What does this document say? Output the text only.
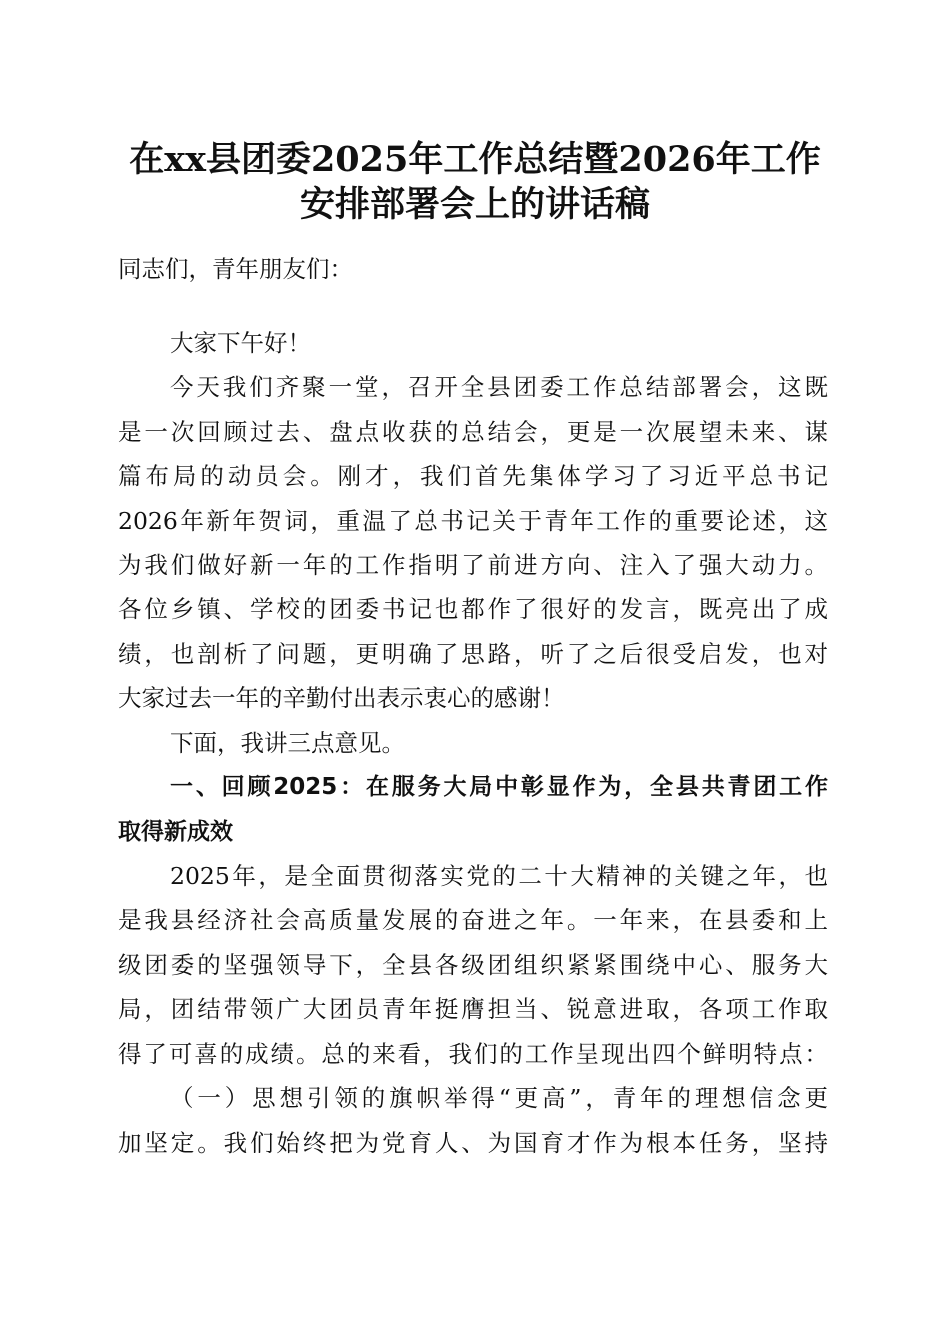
在xx县团委2025年工作总结暨2026年工作
安排部署会上的讲话稿
同志们，青年朋友们：
大家下午好！
今天我们齐聚一堂，召开全县团委工作总结部署会，这既
是一次回顾过去、盘点收获的总结会，更是一次展望未来、谋
篇布局的动员会。刚才，我们首先集体学习了习近平总书记
2026年新年贺词，重温了总书记关于青年工作的重要论述，这
为我们做好新一年的工作指明了前进方向、注入了强大动力。
各位乡镇、学校的团委书记也都作了很好的发言，既亮出了成
绩，也剖析了问题，更明确了思路，听了之后很受启发，也对
大家过去一年的辛勤付出表示衷心的感谢！
下面，我讲三点意见。
一、回顾2025：在服务大局中彰显作为，全县共青团工作
取得新成效
2025年，是全面贯彻落实党的二十大精神的关键之年，也
是我县经济社会高质量发展的奋进之年。一年来，在县委和上
级团委的坚强领导下，全县各级团组织紧紧围绕中心、服务大
局，团结带领广大团员青年挺膺担当、锐意进取，各项工作取
得了可喜的成绩。总的来看，我们的工作呈现出四个鲜明特点：
（一）思想引领的旗帜举得“更高”，青年的理想信念更
加坚定。我们始终把为党育人、为国育才作为根本任务，坚持
